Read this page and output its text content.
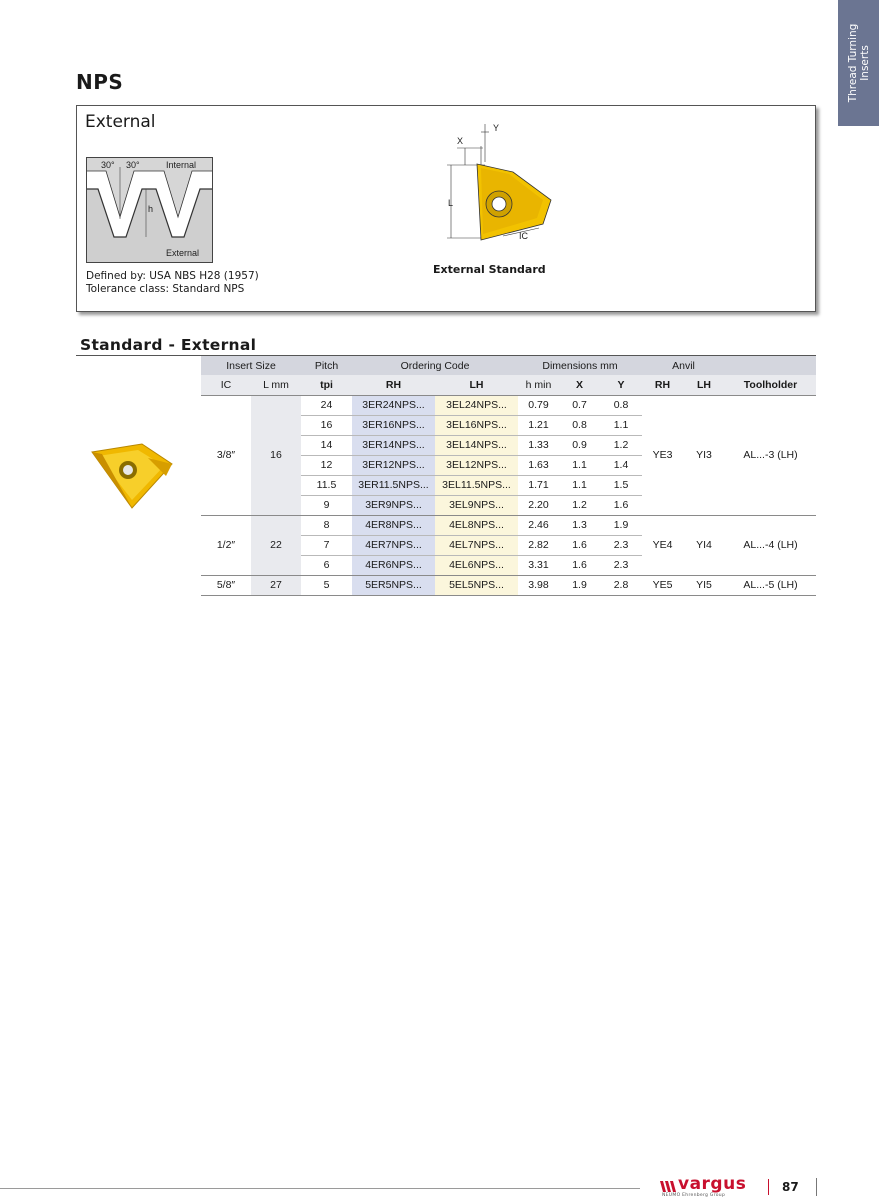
Thread Turning Inserts
NPS
External
30° 30°	Internal
h
External
Defined by: USA NBS H28 (1957)
Tolerance class: Standard NPS
L
X
Y
IC
External Standard
Standard - External
Insert Size		Pitch	Ordering Code		Dimensions mm			Anvil		
IC	L mm	tpi	RH	LH	h min	X	Y	RH	LH	Toolholder
3/8″	16	24	3ER24NPS...	3EL24NPS...	0.79	0.7	0.8	YE3	YI3	AL...-3 (LH)
		16	3ER16NPS...	3EL16NPS...	1.21	0.8	1.1			
		14	3ER14NPS...	3EL14NPS...	1.33	0.9	1.2			
		12	3ER12NPS...	3EL12NPS...	1.63	1.1	1.4			
		11.5	3ER11.5NPS...	3EL11.5NPS...	1.71	1.1	1.5			
		9	3ER9NPS...	3EL9NPS...	2.20	1.2	1.6			
1/2″	22	8	4ER8NPS...	4EL8NPS...	2.46	1.3	1.9	YE4	YI4	AL...-4 (LH)
		7	4ER7NPS...	4EL7NPS...	2.82	1.6	2.3			
		6	4ER6NPS...	4EL6NPS...	3.31	1.6	2.3			
5/8″	27	5	5ER5NPS...	5EL5NPS...	3.98	1.9	2.8	YE5	YI5	AL...-5 (LH)
vargus
NEUMO Ehrenberg Group
87
